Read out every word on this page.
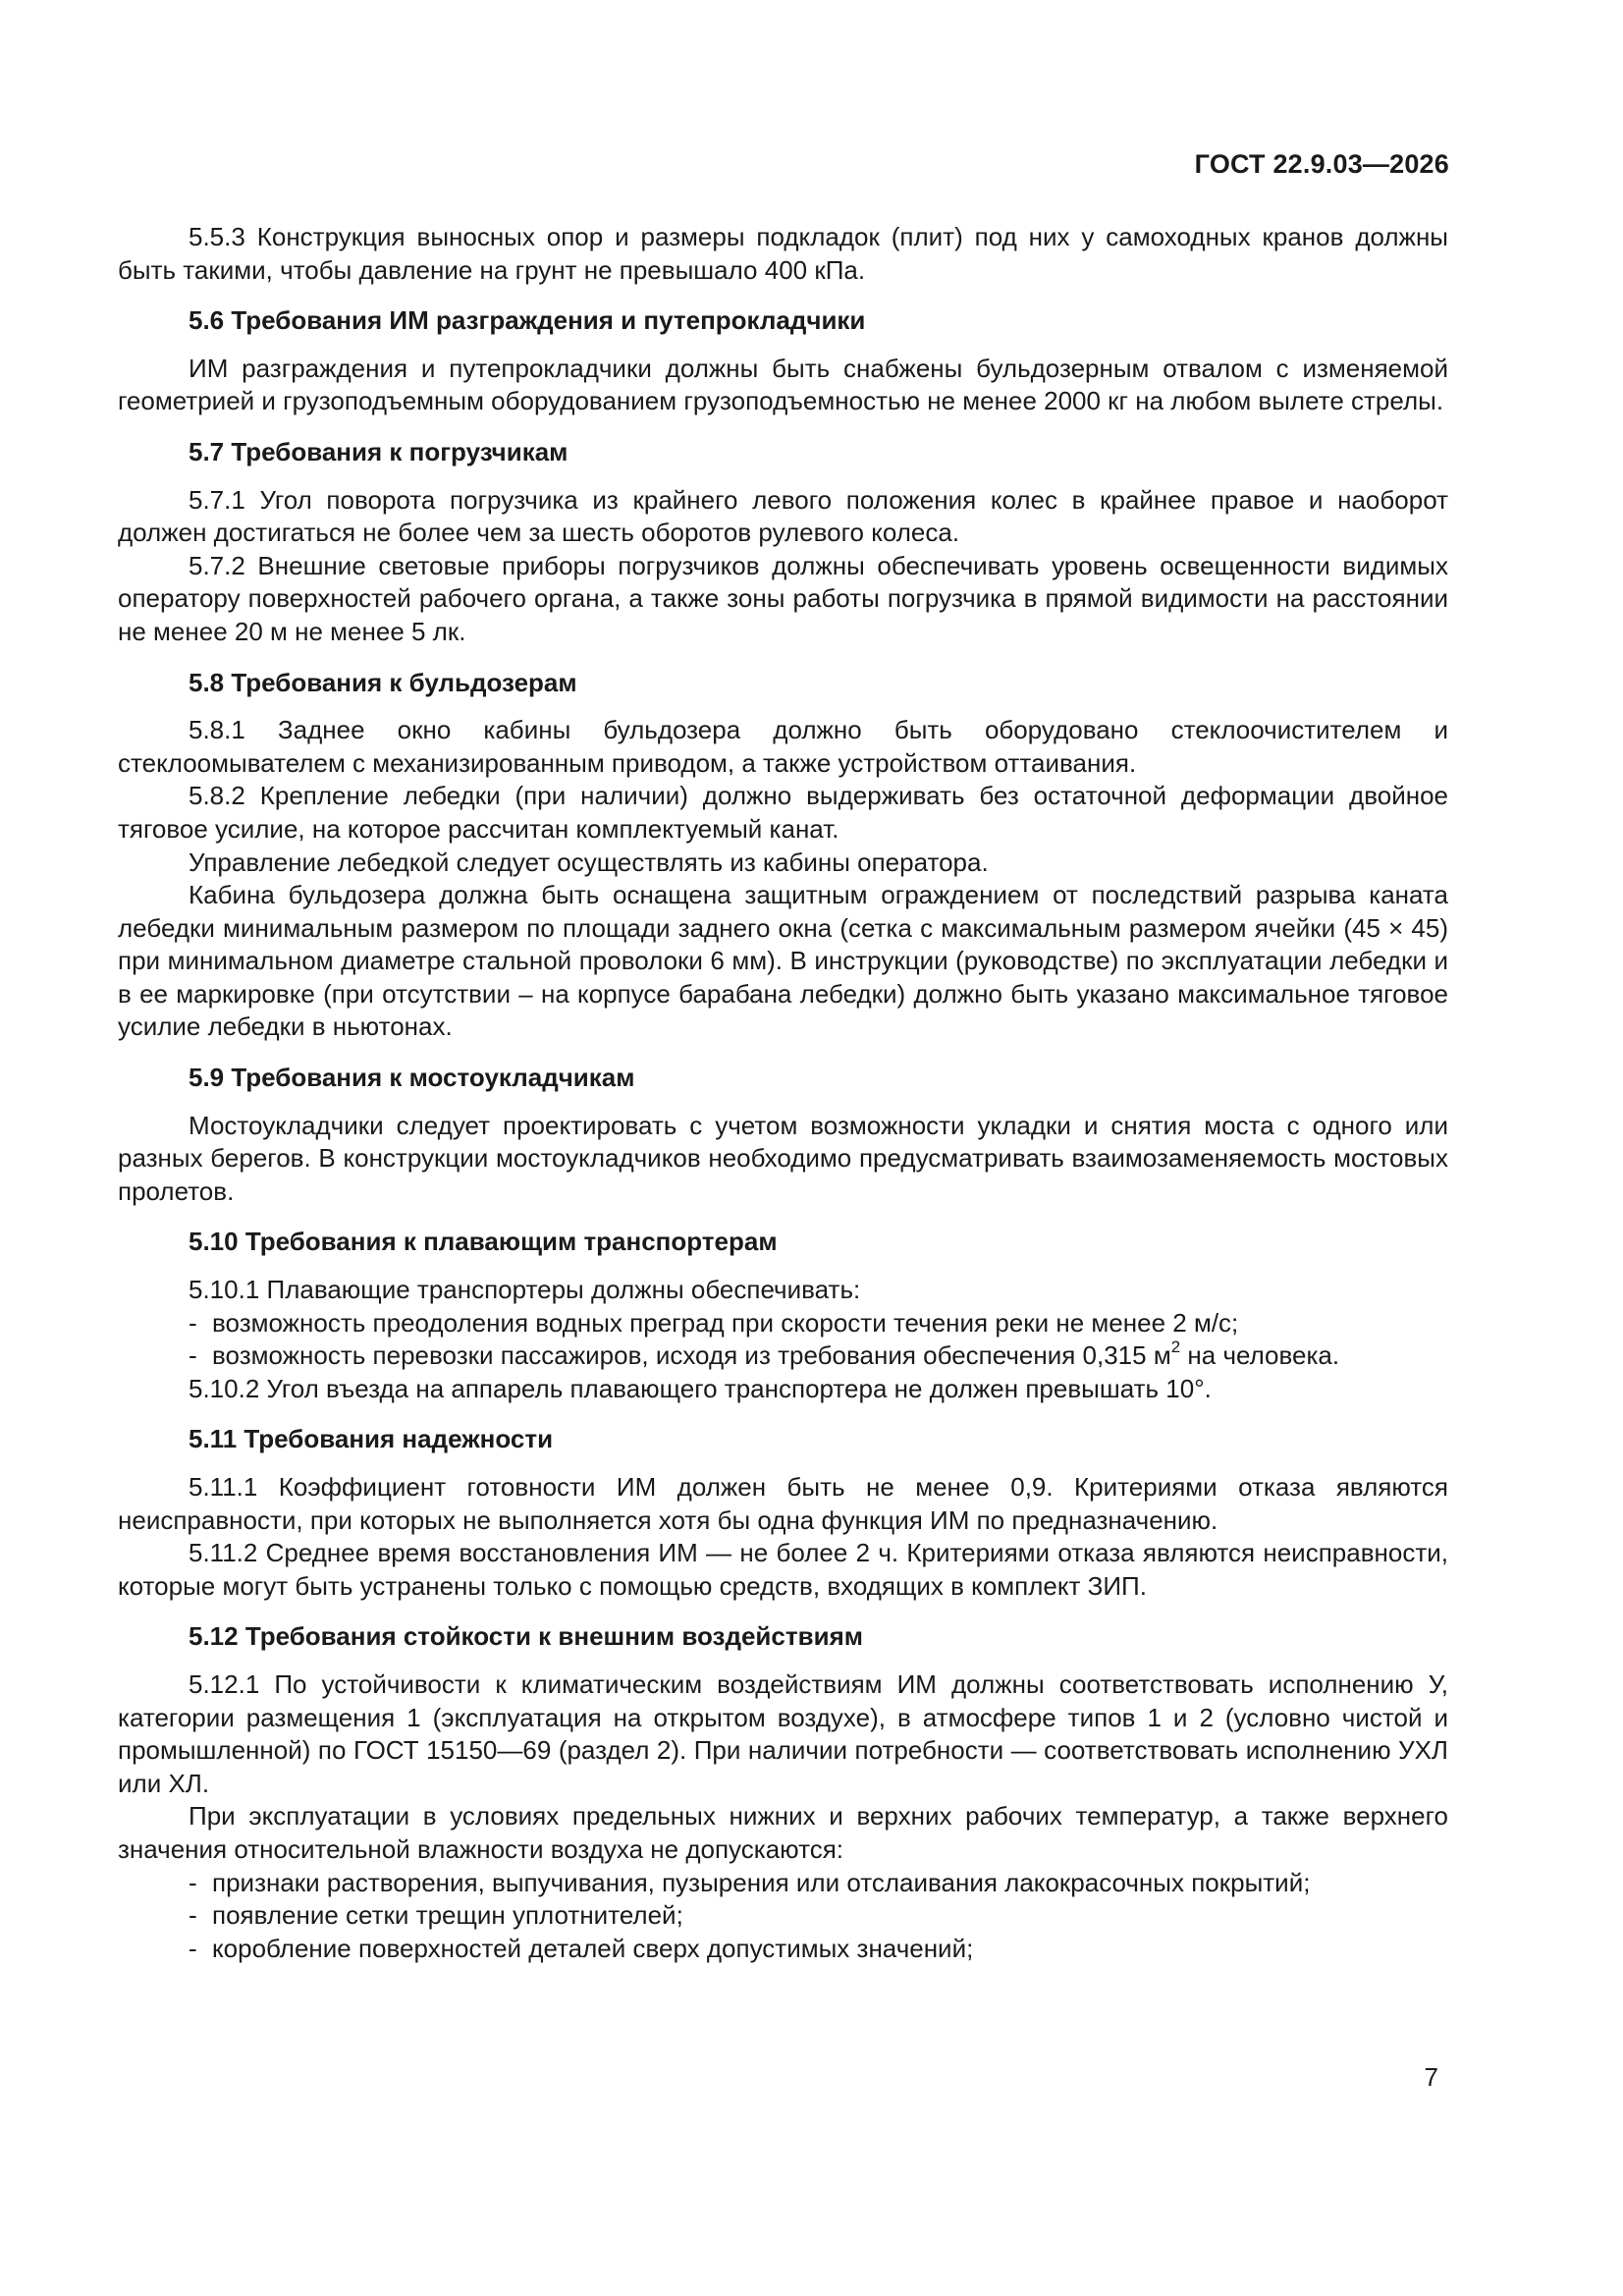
ГОСТ 22.9.03—2026

5.5.3 Конструкция выносных опор и размеры подкладок (плит) под них у самоходных кранов должны быть такими, чтобы давление на грунт не превышало 400 кПа.

5.6 Требования ИМ разграждения и путепрокладчики

ИМ разграждения и путепрокладчики должны быть снабжены бульдозерным отвалом с изменяемой геометрией и грузоподъемным оборудованием грузоподъемностью не менее 2000 кг на любом вылете стрелы.

5.7 Требования к погрузчикам

5.7.1 Угол поворота погрузчика из крайнего левого положения колес в крайнее правое и наоборот должен достигаться не более чем за шесть оборотов рулевого колеса.

5.7.2 Внешние световые приборы погрузчиков должны обеспечивать уровень освещенности видимых оператору поверхностей рабочего органа, а также зоны работы погрузчика в прямой видимости на расстоянии не менее 20 м не менее 5 лк.

5.8 Требования к бульдозерам

5.8.1 Заднее окно кабины бульдозера должно быть оборудовано стеклоочистителем и стеклоомывателем с механизированным приводом, а также устройством оттаивания.

5.8.2 Крепление лебедки (при наличии) должно выдерживать без остаточной деформации двойное тяговое усилие, на которое рассчитан комплектуемый канат.

Управление лебедкой следует осуществлять из кабины оператора.

Кабина бульдозера должна быть оснащена защитным ограждением от последствий разрыва каната лебедки минимальным размером по площади заднего окна (сетка с максимальным размером ячейки (45 × 45) при минимальном диаметре стальной проволоки 6 мм). В инструкции (руководстве) по эксплуатации лебедки и в ее маркировке (при отсутствии – на корпусе барабана лебедки) должно быть указано максимальное тяговое усилие лебедки в ньютонах.

5.9 Требования к мостоукладчикам

Мостоукладчики следует проектировать с учетом возможности укладки и снятия моста с одного или разных берегов. В конструкции мостоукладчиков необходимо предусматривать взаимозаменяемость мостовых пролетов.

5.10 Требования к плавающим транспортерам

5.10.1 Плавающие транспортеры должны обеспечивать:

- возможность преодоления водных преград при скорости течения реки не менее 2 м/с;
- возможность перевозки пассажиров, исходя из требования обеспечения 0,315 $м^2$ на человека.

5.10.2 Угол въезда на аппарель плавающего транспортера не должен превышать 10°.

5.11 Требования надежности

5.11.1 Коэффициент готовности ИМ должен быть не менее 0,9. Критериями отказа являются неисправности, при которых не выполняется хотя бы одна функция ИМ по предназначению.

5.11.2 Среднее время восстановления ИМ — не более 2 ч. Критериями отказа являются неисправности, которые могут быть устранены только с помощью средств, входящих в комплект ЗИП.

5.12 Требования стойкости к внешним воздействиям

5.12.1 По устойчивости к климатическим воздействиям ИМ должны соответствовать исполнению У, категории размещения 1 (эксплуатация на открытом воздухе), в атмосфере типов 1 и 2 (условно чистой и промышленной) по ГОСТ 15150—69 (раздел 2). При наличии потребности — соответствовать исполнению УХЛ или ХЛ.

При эксплуатации в условиях предельных нижних и верхних рабочих температур, а также верхнего значения относительной влажности воздуха не допускаются:

- признаки растворения, выпучивания, пузырения или отслаивания лакокрасочных покрытий;
- появление сетки трещин уплотнителей;
- коробление поверхностей деталей сверх допустимых значений;
7
